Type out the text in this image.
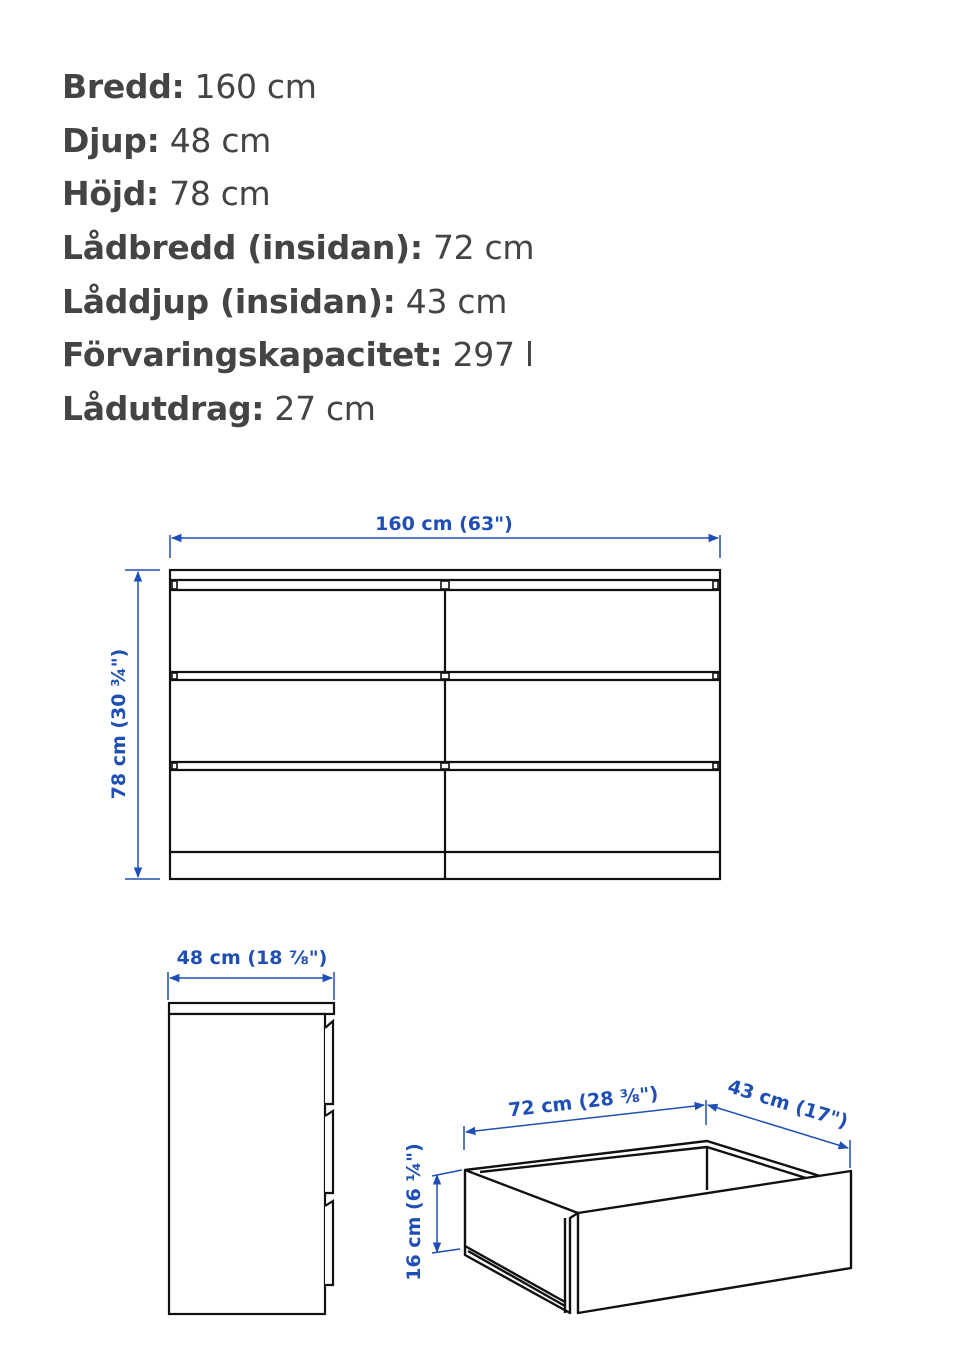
Bredd: 160 cm
Djup: 48 cm
Höjd: 78 cm
Lådbredd (insidan): 72 cm
Låddjup (insidan): 43 cm
Förvaringskapacitet: 297 l
Lådutdrag: 27 cm
160 cm (63")
78 cm (30 ¾")
48 cm (18 ⅞")
72 cm (28 ⅜")	43 cm (17")
16 cm (6 ¼")
